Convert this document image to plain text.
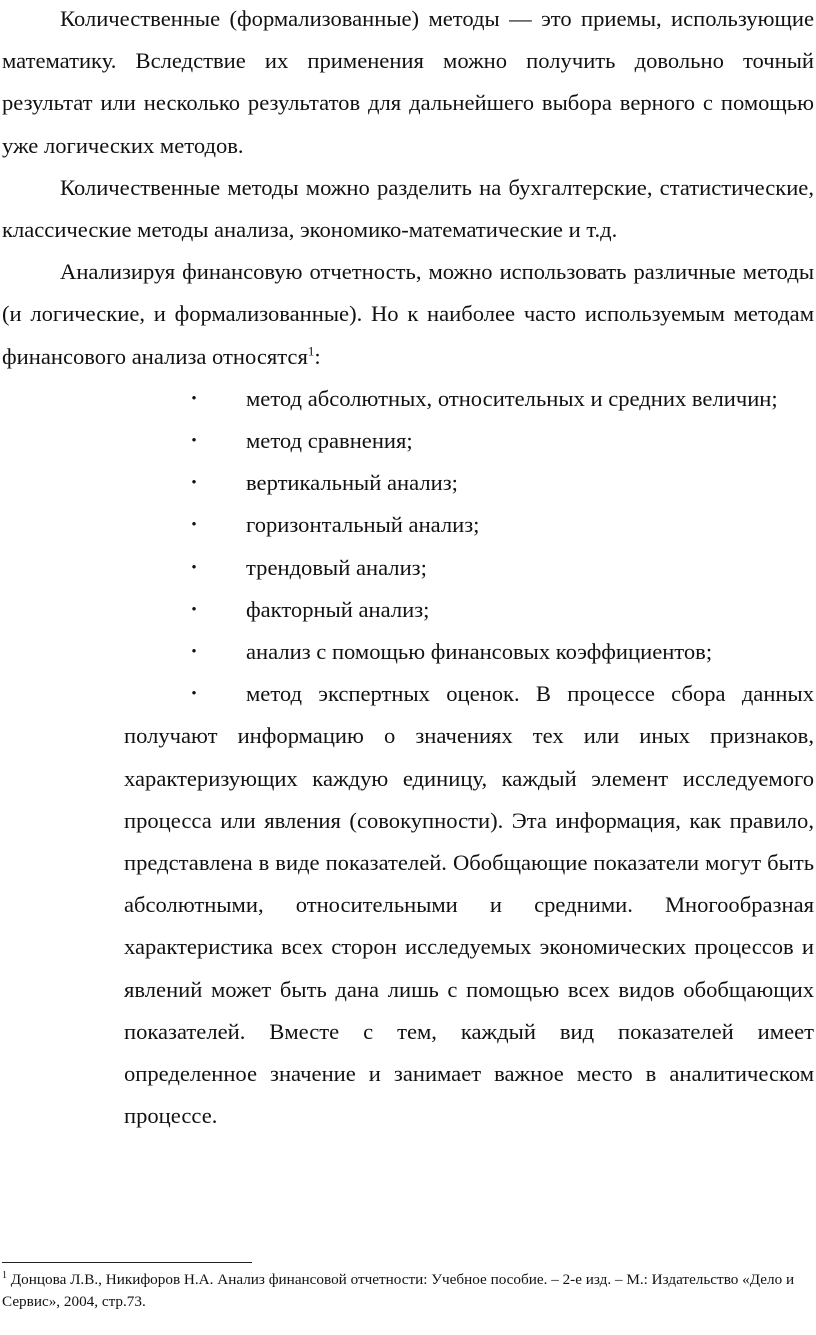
Количественные (формализованные) методы — это приемы, использующие математику. Вследствие их применения можно получить довольно точный результат или несколько результатов для дальнейшего выбора верного с помощью уже логических методов.

Количественные методы можно разделить на бухгалтерские, статистические, классические методы анализа, экономико-математические и т.д.

Анализируя финансовую отчетность, можно использовать различные методы (и логические, и формализованные). Но к наиболее часто используемым методам финансового анализа относятся$^1$:

•	метод абсолютных, относительных и средних величин;
•	метод сравнения;
•	вертикальный анализ;
•	горизонтальный анализ;
•	трендовый анализ;
•	факторный анализ;
•	анализ с помощью финансовых коэффициентов;
•	метод экспертных оценок. В процессе сбора данных получают информацию о значениях тех или иных признаков, характеризующих каждую единицу, каждый элемент исследуемого процесса или явления (совокупности). Эта информация, как правило, представлена в виде показателей. Обобщающие показатели могут быть абсолютными, относительными и средними. Многообразная характеристика всех сторон исследуемых экономических процессов и явлений может быть дана лишь с помощью всех видов обобщающих показателей. Вместе с тем, каждый вид показателей имеет определенное значение и занимает важное место в аналитическом процессе.
$^1$ Донцова Л.В., Никифоров Н.А. Анализ финансовой отчетности: Учебное пособие. – 2-е изд. – М.: Издательство «Дело и Сервис», 2004, стр.73.
